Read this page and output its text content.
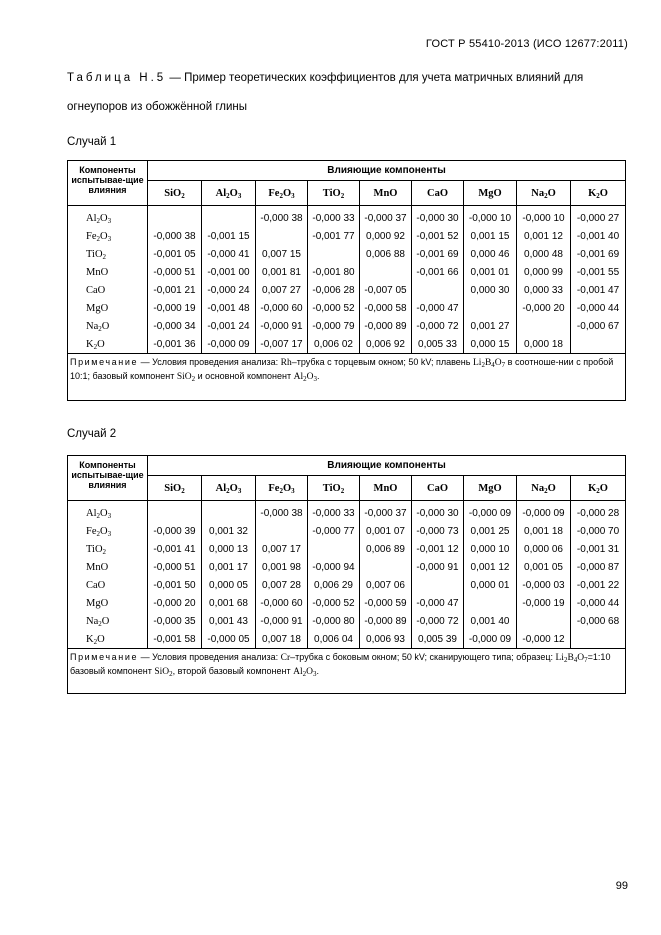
ГОСТ Р 55410-2013 (ИСО 12677:2011)
Таблица Н.5 — Пример теоретических коэффициентов для учета матричных влияний для огнеупоров из обожжённой глины
Случай 1
Компоненты испытывае-щие влияния	Влияющие компоненты								
	SiO$_2$	$Al_2O_3$	$Fe_2O_3$	TiO$_2$	MnO	CaO	MgO	$Na_2O$	$K_2O$
$Al_2O_3$			-0,000 38	-0,000 33	-0,000 37	-0,000 30	-0,000 10	-0,000 10	-0,000 27
$Fe_2O_3$	-0,000 38	-0,001 15		-0,001 77	0,000 92	-0,001 52	0,001 15	0,001 12	-0,001 40
TiO$_2$	-0,001 05	-0,000 41	0,007 15		0,006 88	-0,001 69	0,000 46	0,000 48	-0,001 69
MnO	-0,000 51	-0,001 00	0,001 81	-0,001 80		-0,001 66	0,001 01	0,000 99	-0,001 55
CaO	-0,001 21	-0,000 24	0,007 27	-0,006 28	-0,007 05		0,000 30	0,000 33	-0,001 47
MgO	-0,000 19	-0,001 48	-0,000 60	-0,000 52	-0,000 58	-0,000 47		-0,000 20	-0,000 44
$Na_2O$	-0,000 34	-0,001 24	-0,000 91	-0,000 79	-0,000 89	-0,000 72	0,001 27		-0,000 67
$K_2O$	-0,001 36	-0,000 09	-0,007 17	0,006 02	0,006 92	0,005 33	0,000 15	0,000 18	
Примечание — Условия проведения анализа: Rh–трубка с торцевым окном; 50 kV; плавень $Li_2B_4O_7$ в соотноше-нии с пробой 10:1; базовый компонент SiO$_2$ и основной компонент $Al_2O_3$.									
Случай 2
Компоненты испытывае-щие влияния	Влияющие компоненты								
	SiO$_2$	$Al_2O_3$	$Fe_2O_3$	TiO$_2$	MnO	CaO	MgO	$Na_2O$	$K_2O$
$Al_2O_3$			-0,000 38	-0,000 33	-0,000 37	-0,000 30	-0,000 09	-0,000 09	-0,000 28
$Fe_2O_3$	-0,000 39	0,001 32		-0,000 77	0,001 07	-0,000 73	0,001 25	0,001 18	-0,000 70
TiO$_2$	-0,001 41	0,000 13	0,007 17		0,006 89	-0,001 12	0,000 10	0,000 06	-0,001 31
MnO	-0,000 51	0,001 17	0,001 98	-0,000 94		-0,000 91	0,001 12	0,001 05	-0,000 87
CaO	-0,001 50	0,000 05	0,007 28	0,006 29	0,007 06		0,000 01	-0,000 03	-0,001 22
MgO	-0,000 20	0,001 68	-0,000 60	-0,000 52	-0,000 59	-0,000 47		-0,000 19	-0,000 44
$Na_2O$	-0,000 35	0,001 43	-0,000 91	-0,000 80	-0,000 89	-0,000 72	0,001 40		-0,000 68
$K_2O$	-0,001 58	-0,000 05	0,007 18	0,006 04	0,006 93	0,005 39	-0,000 09	-0,000 12	
Примечание — Условия проведения анализа: Cr–трубка с боковым окном; 50 kV; сканирующего типа; образец: $Li_2B_4O_7=1:10$ базовый компонент SiO$_2$, второй базовый компонент $Al_2O_3$.									
99
